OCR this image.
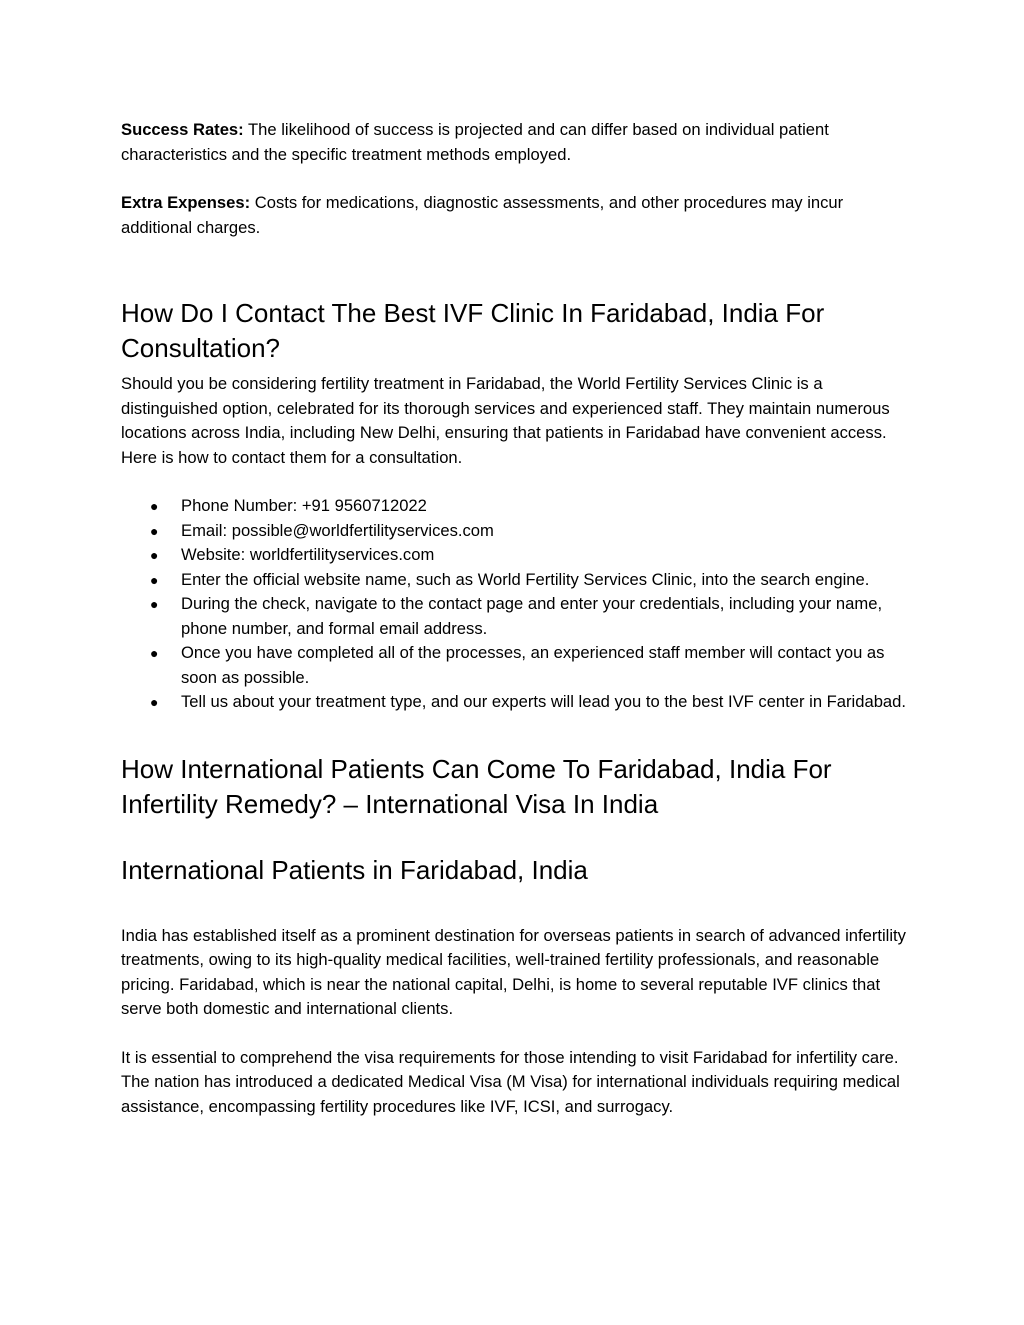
Success Rates: The likelihood of success is projected and can differ based on individual patient characteristics and the specific treatment methods employed.

Extra Expenses: Costs for medications, diagnostic assessments, and other procedures may incur additional charges.

How Do I Contact The Best IVF Clinic In Faridabad, India For Consultation?

Should you be considering fertility treatment in Faridabad, the World Fertility Services Clinic is a distinguished option, celebrated for its thorough services and experienced staff. They maintain numerous locations across India, including New Delhi, ensuring that patients in Faridabad have convenient access. Here is how to contact them for a consultation.

● Phone Number: +91 9560712022
● Email: possible@worldfertilityservices.com
● Website: worldfertilityservices.com
● Enter the official website name, such as World Fertility Services Clinic, into the search engine.
● During the check, navigate to the contact page and enter your credentials, including your name, phone number, and formal email address.
● Once you have completed all of the processes, an experienced staff member will contact you as soon as possible.
● Tell us about your treatment type, and our experts will lead you to the best IVF center in Faridabad.
How International Patients Can Come To Faridabad, India For Infertility Remedy? – International Visa In India
International Patients in Faridabad, India

India has established itself as a prominent destination for overseas patients in search of advanced infertility treatments, owing to its high-quality medical facilities, well-trained fertility professionals, and reasonable pricing. Faridabad, which is near the national capital, Delhi, is home to several reputable IVF clinics that serve both domestic and international clients.

It is essential to comprehend the visa requirements for those intending to visit Faridabad for infertility care. The nation has introduced a dedicated Medical Visa (M Visa) for international individuals requiring medical assistance, encompassing fertility procedures like IVF, ICSI, and surrogacy.
